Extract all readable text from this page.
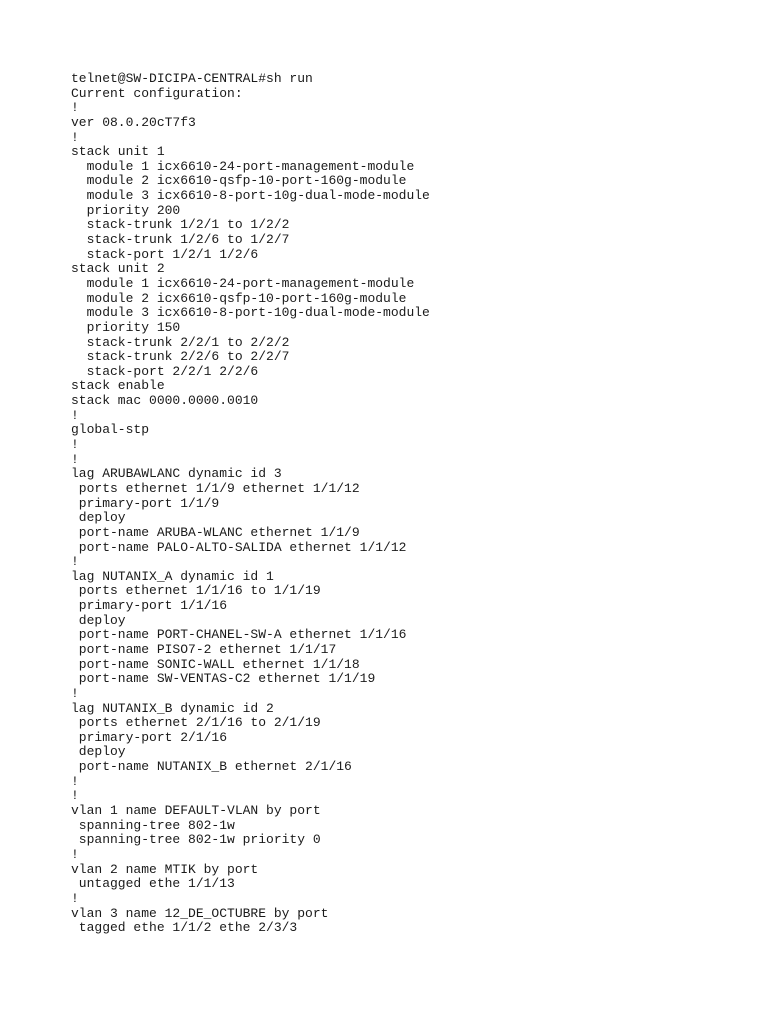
telnet@SW-DICIPA-CENTRAL#sh run
Current configuration:
!
ver 08.0.20cT7f3
!
stack unit 1
module 1 icx6610-24-port-management-module
module 2 icx6610-qsfp-10-port-160g-module
module 3 icx6610-8-port-10g-dual-mode-module
priority 200
stack-trunk 1/2/1 to 1/2/2
stack-trunk 1/2/6 to 1/2/7
stack-port 1/2/1 1/2/6
stack unit 2
module 1 icx6610-24-port-management-module
module 2 icx6610-qsfp-10-port-160g-module
module 3 icx6610-8-port-10g-dual-mode-module
priority 150
stack-trunk 2/2/1 to 2/2/2
stack-trunk 2/2/6 to 2/2/7
stack-port 2/2/1 2/2/6
stack enable
stack mac 0000.0000.0010
!
global-stp
!
!
lag ARUBAWLANC dynamic id 3
ports ethernet 1/1/9 ethernet 1/1/12
primary-port 1/1/9
deploy
port-name ARUBA-WLANC ethernet 1/1/9
port-name PALO-ALTO-SALIDA ethernet 1/1/12
!
lag NUTANIX_A dynamic id 1
ports ethernet 1/1/16 to 1/1/19
primary-port 1/1/16
deploy
port-name PORT-CHANEL-SW-A ethernet 1/1/16
port-name PISO7-2 ethernet 1/1/17
port-name SONIC-WALL ethernet 1/1/18
port-name SW-VENTAS-C2 ethernet 1/1/19
!
lag NUTANIX_B dynamic id 2
ports ethernet 2/1/16 to 2/1/19
primary-port 2/1/16
deploy
port-name NUTANIX_B ethernet 2/1/16
!
!
vlan 1 name DEFAULT-VLAN by port
spanning-tree 802-1w
spanning-tree 802-1w priority 0
!
vlan 2 name MTIK by port
untagged ethe 1/1/13
!
vlan 3 name 12_DE_OCTUBRE by port
tagged ethe 1/1/2 ethe 2/3/3
